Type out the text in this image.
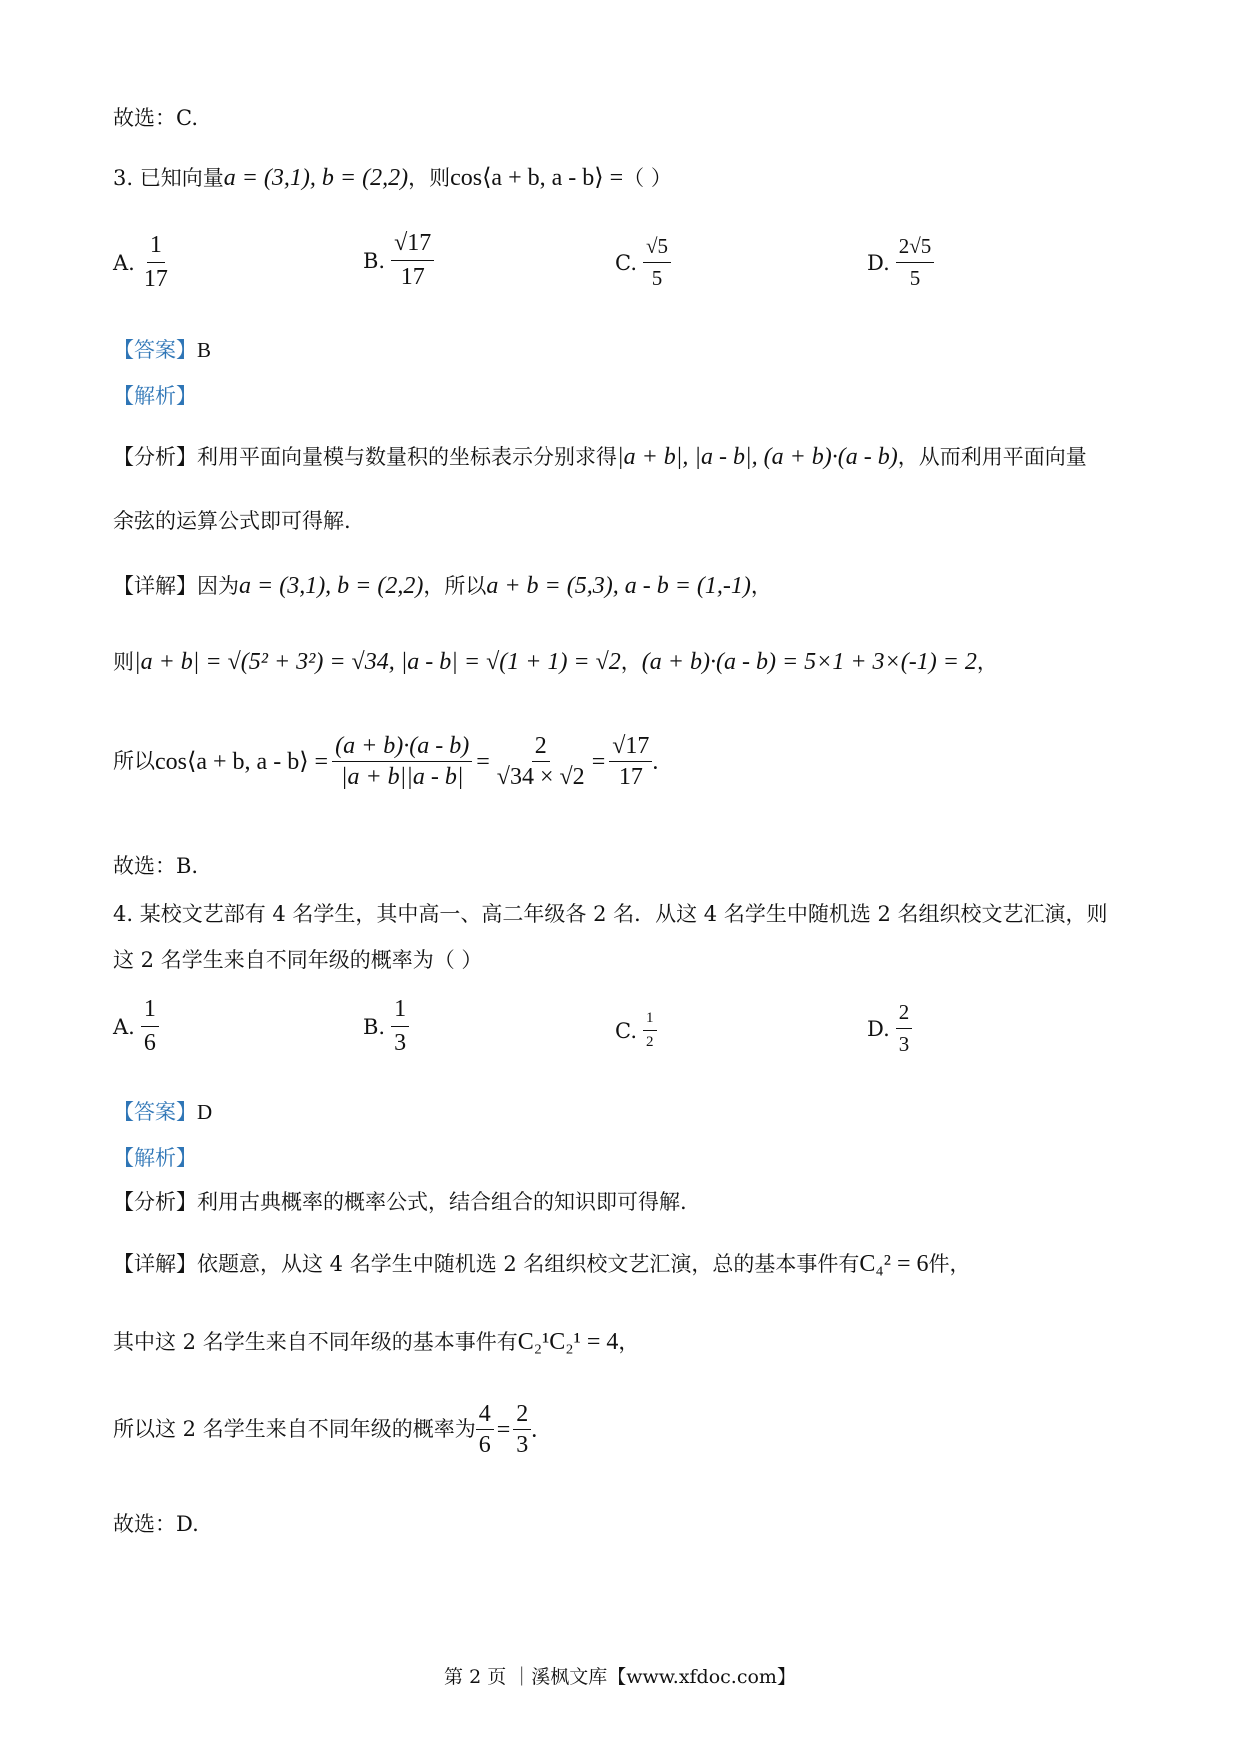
故选：C.
3. 已知向量a = (3,1), b = (2,2)，则cos⟨a + b, a - b⟩ =（ ）
A. $\frac{1}{17}$	B. $\frac{√17}{17}$	C. $\frac{√5}{5}$	D. $\frac{2√5}{5}$
【答案】B
【解析】
【分析】利用平面向量模与数量积的坐标表示分别求得|a + b|, |a - b|, (a + b)·(a - b)，从而利用平面向量
余弦的运算公式即可得解.
【详解】因为a = (3,1), b = (2,2)，所以a + b = (5,3), a - b = (1,-1)，
则|a + b| = √(5² + 3²) = √34, |a - b| = √(1 + 1) = √2，(a + b)·(a - b) = 5×1 + 3×(-1) = 2，
所以 cos⟨a + b, a - b⟩ = $\frac{(a + b)\cdot(a - b)}{|a + b||a - b|} = \frac{2}{√34 \times √2} = \frac{√17}{17}$ .
故选：B.
4. 某校文艺部有 4 名学生，其中高一、高二年级各 2 名．从这 4 名学生中随机选 2 名组织校文艺汇演，则
这 2 名学生来自不同年级的概率为（ ）
A. $\frac{1}{6}$	B. $\frac{1}{3}$	C. $\frac{1}{2}$	D. $\frac{2}{3}$
【答案】D
【解析】
【分析】利用古典概率的概率公式，结合组合的知识即可得解.
【详解】依题意，从这 4 名学生中随机选 2 名组织校文艺汇演，总的基本事件有C₄² = 6件，
其中这 2 名学生来自不同年级的基本事件有C₂¹C₂¹ = 4，
所以这 2 名学生来自不同年级的概率为 $\frac{4}{6} = \frac{2}{3}$ .
故选：D.
第 2 页 ｜溪枫文库【www.xfdoc.com】
